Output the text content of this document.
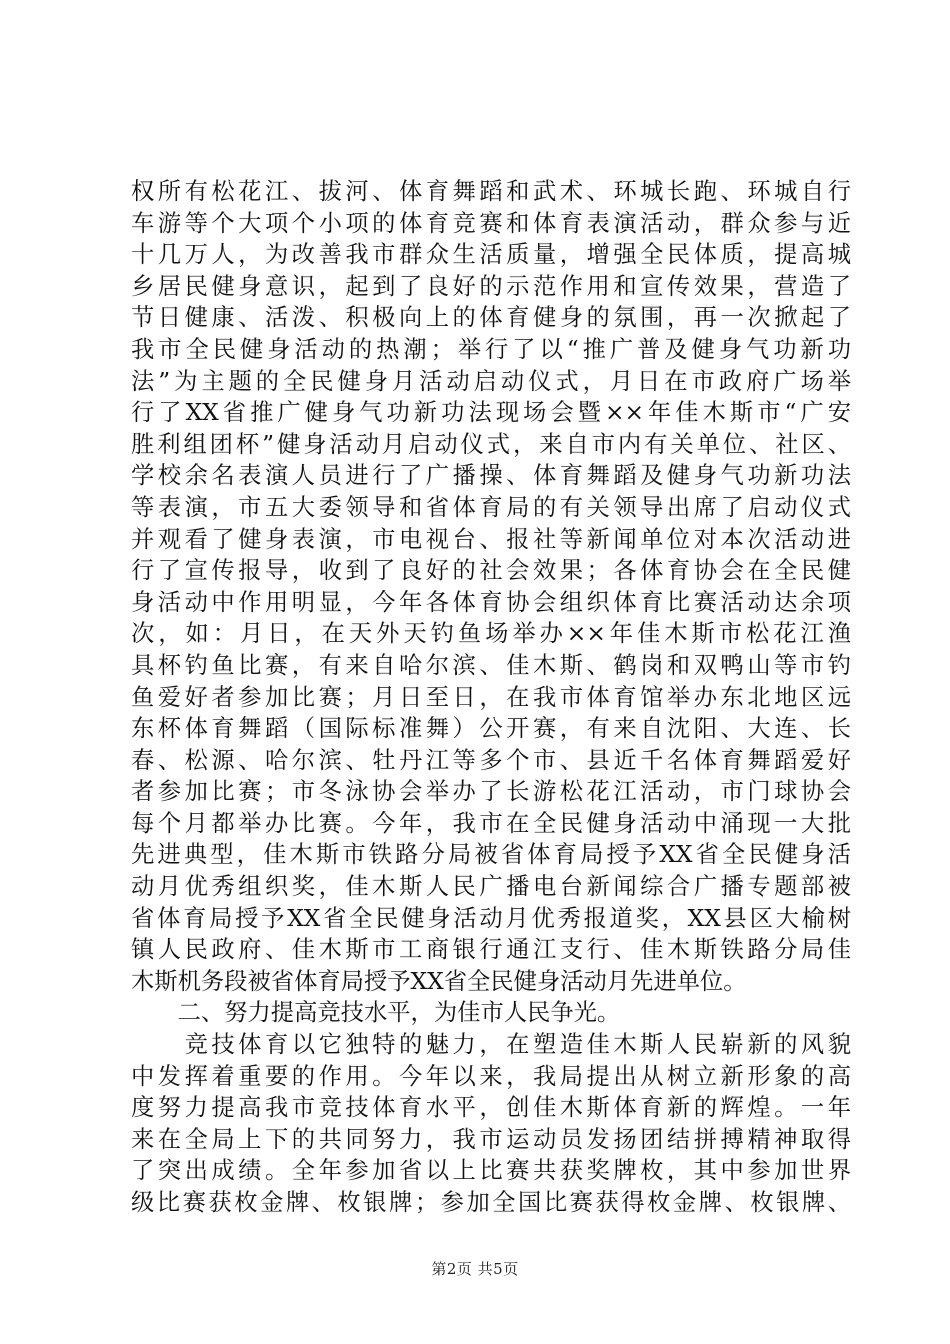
权所有松花江、拔河、体育舞蹈和武术、环城长跑、环城自行
车游等个大项个小项的体育竞赛和体育表演活动，群众参与近
十几万人，为改善我市群众生活质量，增强全民体质，提高城
乡居民健身意识，起到了良好的示范作用和宣传效果，营造了
节日健康、活泼、积极向上的体育健身的氛围，再一次掀起了
我市全民健身活动的热潮；举行了以“推广普及健身气功新功
法”为主题的全民健身月活动启动仪式，月日在市政府广场举
行了XX省推广健身气功新功法现场会暨××年佳木斯市“广安
胜利组团杯”健身活动月启动仪式，来自市内有关单位、社区、
学校余名表演人员进行了广播操、体育舞蹈及健身气功新功法
等表演，市五大委领导和省体育局的有关领导出席了启动仪式
并观看了健身表演，市电视台、报社等新闻单位对本次活动进
行了宣传报导，收到了良好的社会效果；各体育协会在全民健
身活动中作用明显，今年各体育协会组织体育比赛活动达余项
次，如：月日，在天外天钓鱼场举办××年佳木斯市松花江渔
具杯钓鱼比赛，有来自哈尔滨、佳木斯、鹤岗和双鸭山等市钓
鱼爱好者参加比赛；月日至日，在我市体育馆举办东北地区远
东杯体育舞蹈（国际标准舞）公开赛，有来自沈阳、大连、长
春、松源、哈尔滨、牡丹江等多个市、县近千名体育舞蹈爱好
者参加比赛；市冬泳协会举办了长游松花江活动，市门球协会
每个月都举办比赛。今年，我市在全民健身活动中涌现一大批
先进典型，佳木斯市铁路分局被省体育局授予XX省全民健身活
动月优秀组织奖，佳木斯人民广播电台新闻综合广播专题部被
省体育局授予XX省全民健身活动月优秀报道奖，XX县区大榆树
镇人民政府、佳木斯市工商银行通江支行、佳木斯铁路分局佳
木斯机务段被省体育局授予XX省全民健身活动月先进单位。
　　二、努力提高竞技水平，为佳市人民争光。
　　竞技体育以它独特的魅力，在塑造佳木斯人民崭新的风貌
中发挥着重要的作用。今年以来，我局提出从树立新形象的高
度努力提高我市竞技体育水平，创佳木斯体育新的辉煌。一年
来在全局上下的共同努力，我市运动员发扬团结拼搏精神取得
了突出成绩。全年参加省以上比赛共获奖牌枚，其中参加世界
级比赛获枚金牌、枚银牌；参加全国比赛获得枚金牌、枚银牌、
第2页 共5页
